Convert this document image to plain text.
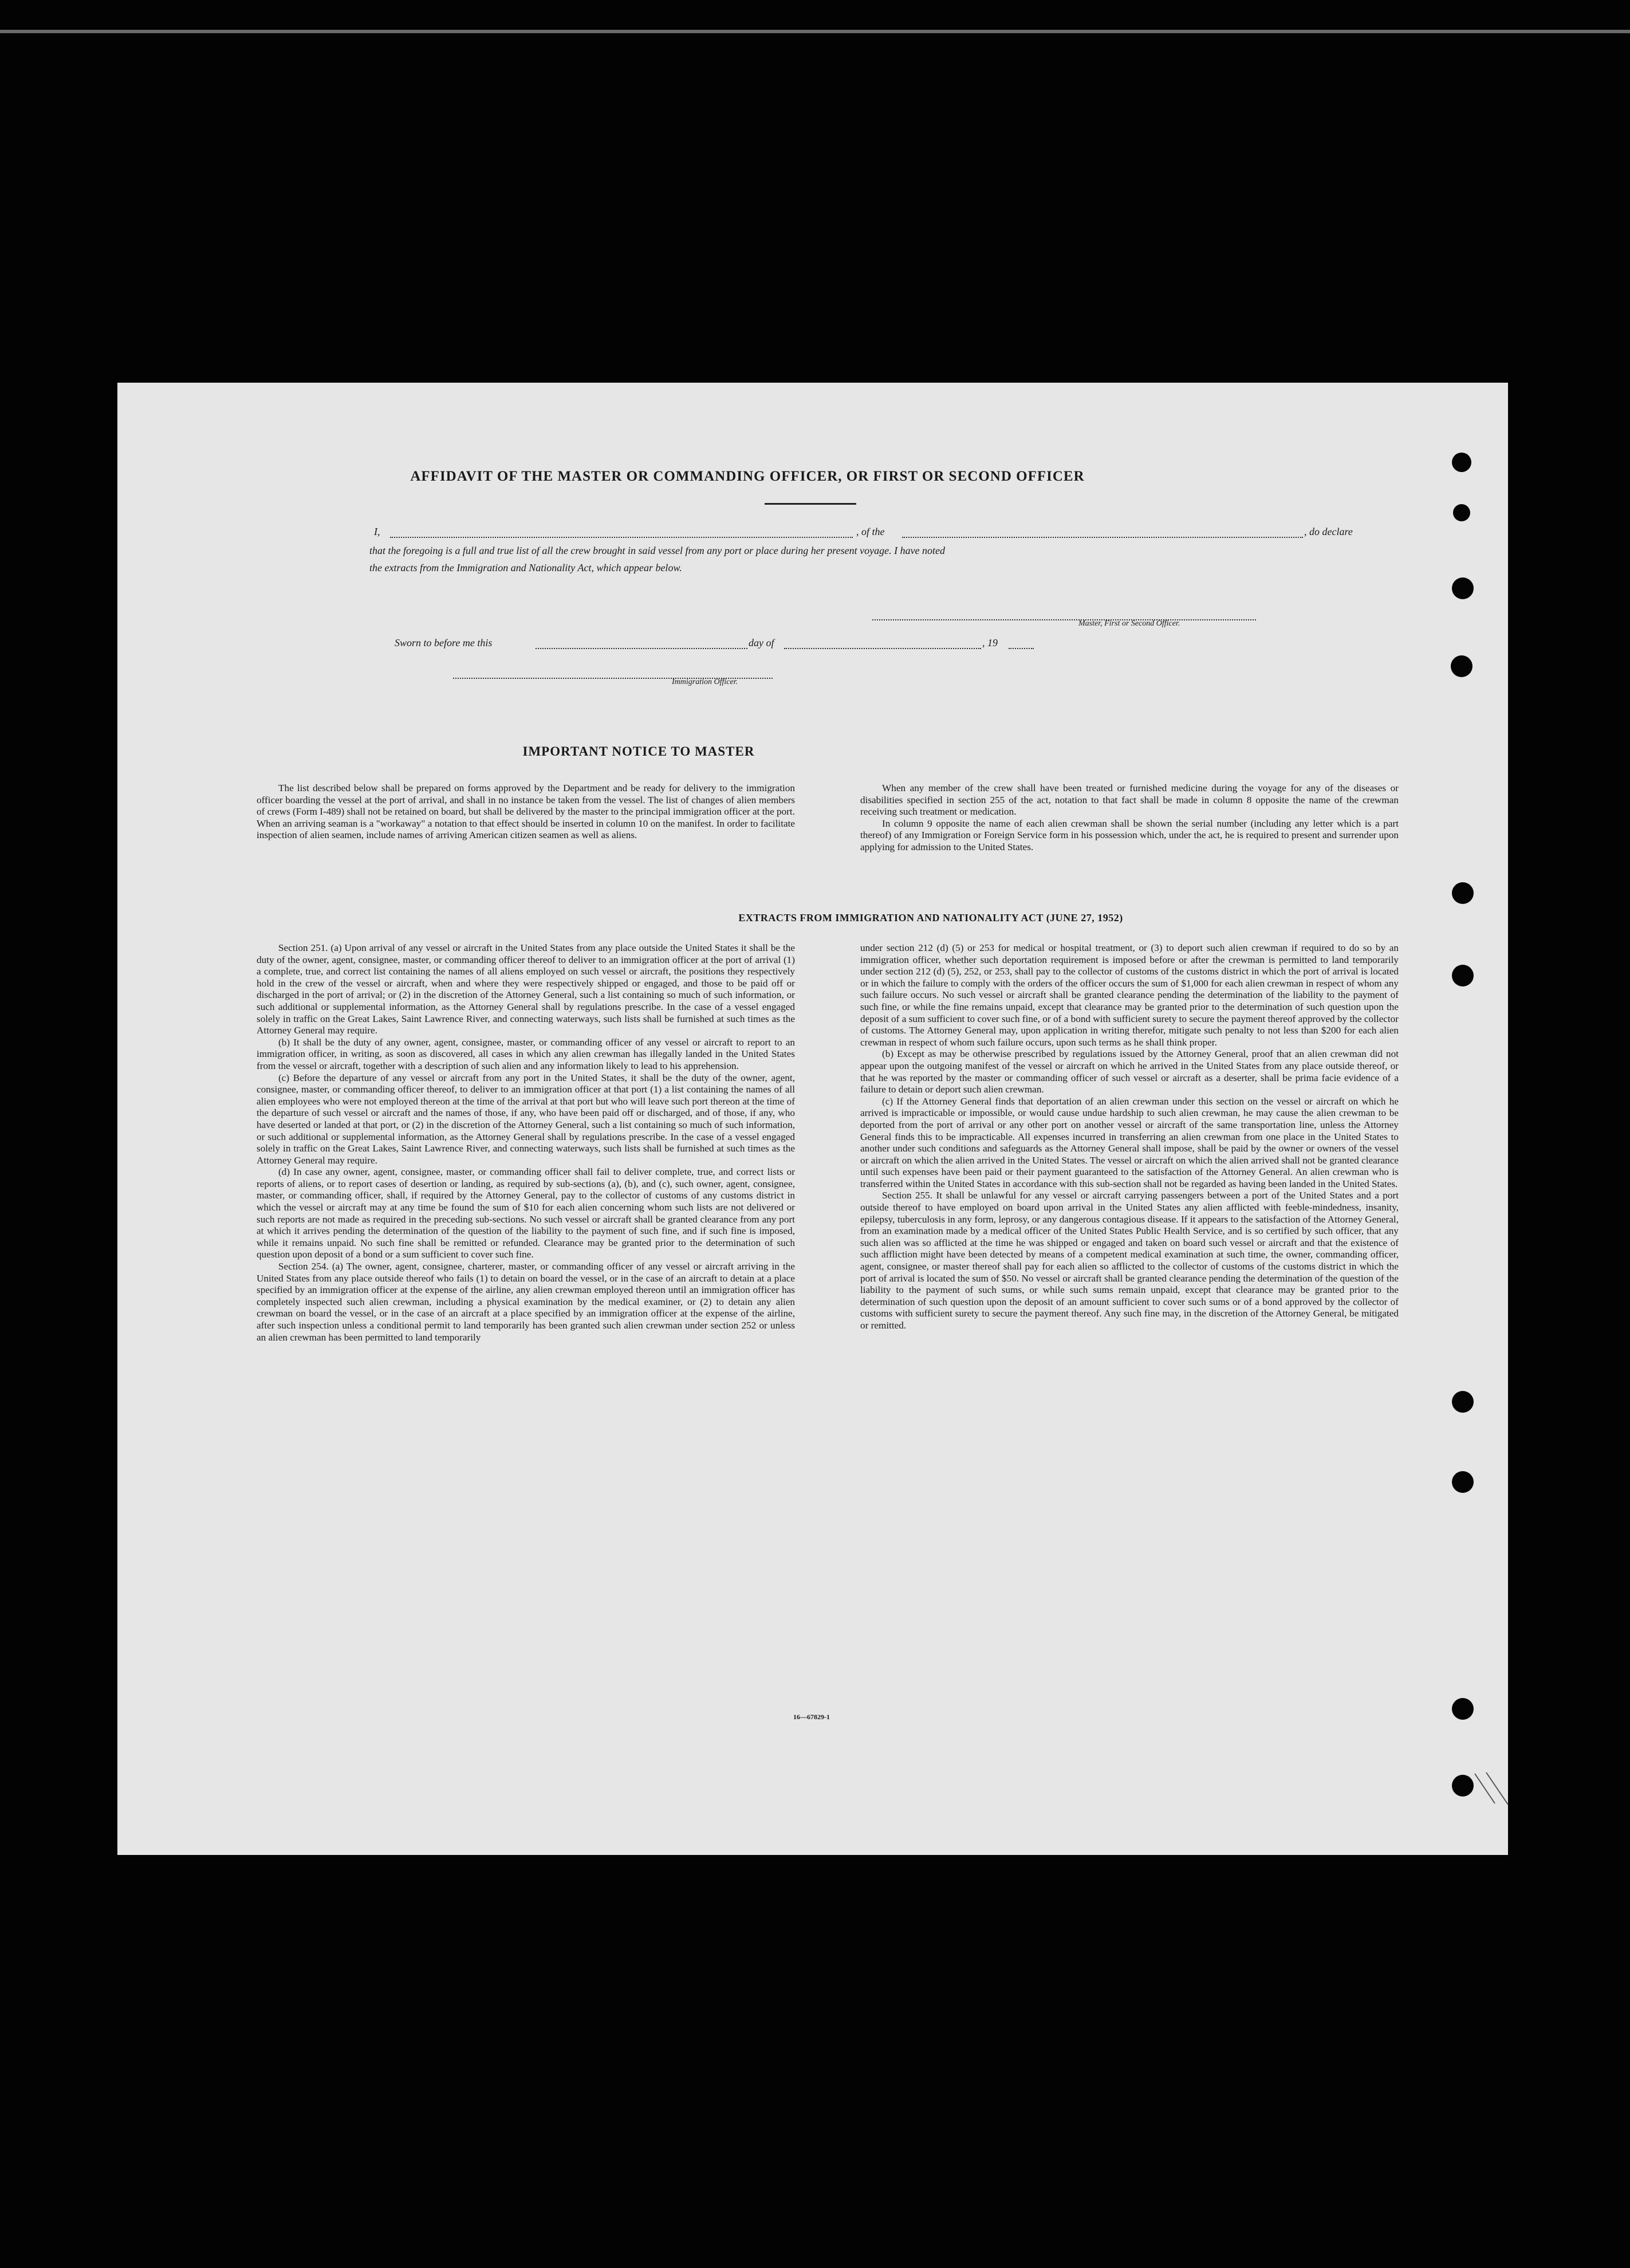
AFFIDAVIT OF THE MASTER OR COMMANDING OFFICER, OR FIRST OR SECOND OFFICER
I,	, of the	, do declare
that the foregoing is a full and true list of all the crew brought in said vessel from any port or place during her present voyage. I have noted
the extracts from the Immigration and Nationality Act, which appear below.
Master, First or Second Officer.
Sworn to before me this	day of	, 19
Immigration Officer.
IMPORTANT NOTICE TO MASTER

The list described below shall be prepared on forms approved by the Department and be ready for delivery to the immigration officer boarding the vessel at the port of arrival, and shall in no instance be taken from the vessel. The list of changes of alien members of crews (Form I-489) shall not be retained on board, but shall be delivered by the master to the principal immigration officer at the port. When an arriving seaman is a "workaway" a notation to that effect should be inserted in column 10 on the manifest. In order to facilitate inspection of alien seamen, include names of arriving American citizen seamen as well as aliens.

When any member of the crew shall have been treated or furnished medicine during the voyage for any of the diseases or disabilities specified in section 255 of the act, notation to that fact shall be made in column 8 opposite the name of the crewman receiving such treatment or medication.

In column 9 opposite the name of each alien crewman shall be shown the serial number (including any letter which is a part thereof) of any Immigration or Foreign Service form in his possession which, under the act, he is required to present and surrender upon applying for admission to the United States.

EXTRACTS FROM IMMIGRATION AND NATIONALITY ACT (JUNE 27, 1952)

Section 251. (a) Upon arrival of any vessel or aircraft in the United States from any place outside the United States it shall be the duty of the owner, agent, consignee, master, or commanding officer thereof to deliver to an immigration officer at the port of arrival (1) a complete, true, and correct list containing the names of all aliens employed on such vessel or aircraft, the positions they respectively hold in the crew of the vessel or aircraft, when and where they were respectively shipped or engaged, and those to be paid off or discharged in the port of arrival; or (2) in the discretion of the Attorney General, such a list containing so much of such information, or such additional or supplemental information, as the Attorney General shall by regulations prescribe. In the case of a vessel engaged solely in traffic on the Great Lakes, Saint Lawrence River, and connecting waterways, such lists shall be furnished at such times as the Attorney General may require.

(b) It shall be the duty of any owner, agent, consignee, master, or commanding officer of any vessel or aircraft to report to an immigration officer, in writing, as soon as discovered, all cases in which any alien crewman has illegally landed in the United States from the vessel or aircraft, together with a description of such alien and any information likely to lead to his apprehension.

(c) Before the departure of any vessel or aircraft from any port in the United States, it shall be the duty of the owner, agent, consignee, master, or commanding officer thereof, to deliver to an immigration officer at that port (1) a list containing the names of all alien employees who were not employed thereon at the time of the arrival at that port but who will leave such port thereon at the time of the departure of such vessel or aircraft and the names of those, if any, who have been paid off or discharged, and of those, if any, who have deserted or landed at that port, or (2) in the discretion of the Attorney General, such a list containing so much of such information, or such additional or supplemental information, as the Attorney General shall by regulations prescribe. In the case of a vessel engaged solely in traffic on the Great Lakes, Saint Lawrence River, and connecting waterways, such lists shall be furnished at such times as the Attorney General may require.

(d) In case any owner, agent, consignee, master, or commanding officer shall fail to deliver complete, true, and correct lists or reports of aliens, or to report cases of desertion or landing, as required by sub-sections (a), (b), and (c), such owner, agent, consignee, master, or commanding officer, shall, if required by the Attorney General, pay to the collector of customs of any customs district in which the vessel or aircraft may at any time be found the sum of $10 for each alien concerning whom such lists are not delivered or such reports are not made as required in the preceding sub-sections. No such vessel or aircraft shall be granted clearance from any port at which it arrives pending the determination of the question of the liability to the payment of such fine, and if such fine is imposed, while it remains unpaid. No such fine shall be remitted or refunded. Clearance may be granted prior to the determination of such question upon deposit of a bond or a sum sufficient to cover such fine.

Section 254. (a) The owner, agent, consignee, charterer, master, or commanding officer of any vessel or aircraft arriving in the United States from any place outside thereof who fails (1) to detain on board the vessel, or in the case of an aircraft to detain at a place specified by an immigration officer at the expense of the airline, any alien crewman employed thereon until an immigration officer has completely inspected such alien crewman, including a physical examination by the medical examiner, or (2) to detain any alien crewman on board the vessel, or in the case of an aircraft at a place specified by an immigration officer at the expense of the airline, after such inspection unless a conditional permit to land temporarily has been granted such alien crewman under section 252 or unless an alien crewman has been permitted to land temporarily

under section 212 (d) (5) or 253 for medical or hospital treatment, or (3) to deport such alien crewman if required to do so by an immigration officer, whether such deportation requirement is imposed before or after the crewman is permitted to land temporarily under section 212 (d) (5), 252, or 253, shall pay to the collector of customs of the customs district in which the port of arrival is located or in which the failure to comply with the orders of the officer occurs the sum of $1,000 for each alien crewman in respect of whom any such failure occurs. No such vessel or aircraft shall be granted clearance pending the determination of the liability to the payment of such fine, or while the fine remains unpaid, except that clearance may be granted prior to the determination of such question upon the deposit of a sum sufficient to cover such fine, or of a bond with sufficient surety to secure the payment thereof approved by the collector of customs. The Attorney General may, upon application in writing therefor, mitigate such penalty to not less than $200 for each alien crewman in respect of whom such failure occurs, upon such terms as he shall think proper.

(b) Except as may be otherwise prescribed by regulations issued by the Attorney General, proof that an alien crewman did not appear upon the outgoing manifest of the vessel or aircraft on which he arrived in the United States from any place outside thereof, or that he was reported by the master or commanding officer of such vessel or aircraft as a deserter, shall be prima facie evidence of a failure to detain or deport such alien crewman.

(c) If the Attorney General finds that deportation of an alien crewman under this section on the vessel or aircraft on which he arrived is impracticable or impossible, or would cause undue hardship to such alien crewman, he may cause the alien crewman to be deported from the port of arrival or any other port on another vessel or aircraft of the same transportation line, unless the Attorney General finds this to be impracticable. All expenses incurred in transferring an alien crewman from one place in the United States to another under such conditions and safeguards as the Attorney General shall impose, shall be paid by the owner or owners of the vessel or aircraft on which the alien arrived in the United States. The vessel or aircraft on which the alien arrived shall not be granted clearance until such expenses have been paid or their payment guaranteed to the satisfaction of the Attorney General. An alien crewman who is transferred within the United States in accordance with this sub-section shall not be regarded as having been landed in the United States.

Section 255. It shall be unlawful for any vessel or aircraft carrying passengers between a port of the United States and a port outside thereof to have employed on board upon arrival in the United States any alien afflicted with feeble-mindedness, insanity, epilepsy, tuberculosis in any form, leprosy, or any dangerous contagious disease. If it appears to the satisfaction of the Attorney General, from an examination made by a medical officer of the United States Public Health Service, and is so certified by such officer, that any such alien was so afflicted at the time he was shipped or engaged and taken on board such vessel or aircraft and that the existence of such affliction might have been detected by means of a competent medical examination at such time, the owner, commanding officer, agent, consignee, or master thereof shall pay for each alien so afflicted to the collector of customs of the customs district in which the port of arrival is located the sum of $50. No vessel or aircraft shall be granted clearance pending the determination of the question of the liability to the payment of such sums, or while such sums remain unpaid, except that clearance may be granted prior to the determination of such question upon the deposit of an amount sufficient to cover such sums or of a bond approved by the collector of customs with sufficient surety to secure the payment thereof. Any such fine may, in the discretion of the Attorney General, be mitigated or remitted.

16—67829-1
